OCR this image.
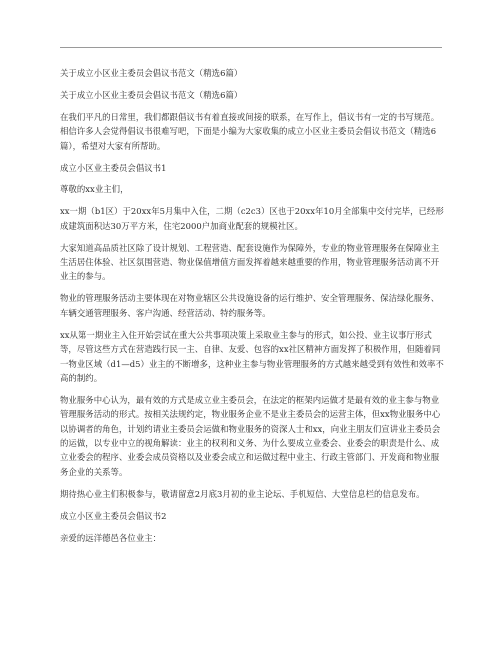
关于成立小区业主委员会倡议书范文（精选6篇）

关于成立小区业主委员会倡议书范文（精选6篇）

在我们平凡的日常里，我们都跟倡议书有着直接或间接的联系，在写作上，倡议书有一定的书写规范。相信许多人会觉得倡议书很难写吧，下面是小编为大家收集的成立小区业主委员会倡议书范文（精选6篇），希望对大家有所帮助。

成立小区业主委员会倡议书1

尊敬的xx业主们，

xx一期（b1区）于20xx年5月集中入住，二期（c2c3）区也于20xx年10月全部集中交付完毕，已经形成建筑面积达30万平方米，住宅2000户加商业配套的规模社区。

大家知道高品质社区除了设计规划、工程营造、配套设施作为保障外，专业的物业管理服务在保障业主生活居住体验、社区氛围营造、物业保值增值方面发挥着越来越重要的作用，物业管理服务活动离不开业主的参与。

物业的管理服务活动主要体现在对物业辖区公共设施设备的运行维护、安全管理服务、保洁绿化服务、车辆交通管理服务、客户沟通、经营活动、特约服务等。

xx从第一期业主入住开始尝试在重大公共事项决策上采取业主参与的形式，如公投、业主议事厅形式等，尽管这些方式在营造践行民一主、自律、友爱、包容的xx社区精神方面发挥了积极作用，但随着同一物业区域（d1—d5）业主的不断增多，这种业主参与物业管理服务的方式越来越受到有效性和效率不高的制约。

物业服务中心认为，最有效的方式是成立业主委员会，在法定的框架内运做才是最有效的业主参与物业管理服务活动的形式。按相关法规约定，物业服务企业不是业主委员会的运营主体，但xx物业服务中心以协调者的角色，计划约请业主委员会运做和物业服务的资深人士和xx，向业主朋友们宣讲业主委员会的运做，以专业中立的视角解读：业主的权利和义务、为什么要成立业委会、业委会的职责是什么、成立业委会的程序、业委会成员资格以及业委会成立和运做过程中业主、行政主管部门、开发商和物业服务企业的关系等。

期待热心业主们积极参与，敬请留意2月底3月初的业主论坛、手机短信、大堂信息栏的信息发布。

成立小区业主委员会倡议书2

亲爱的远洋德邑各位业主：
